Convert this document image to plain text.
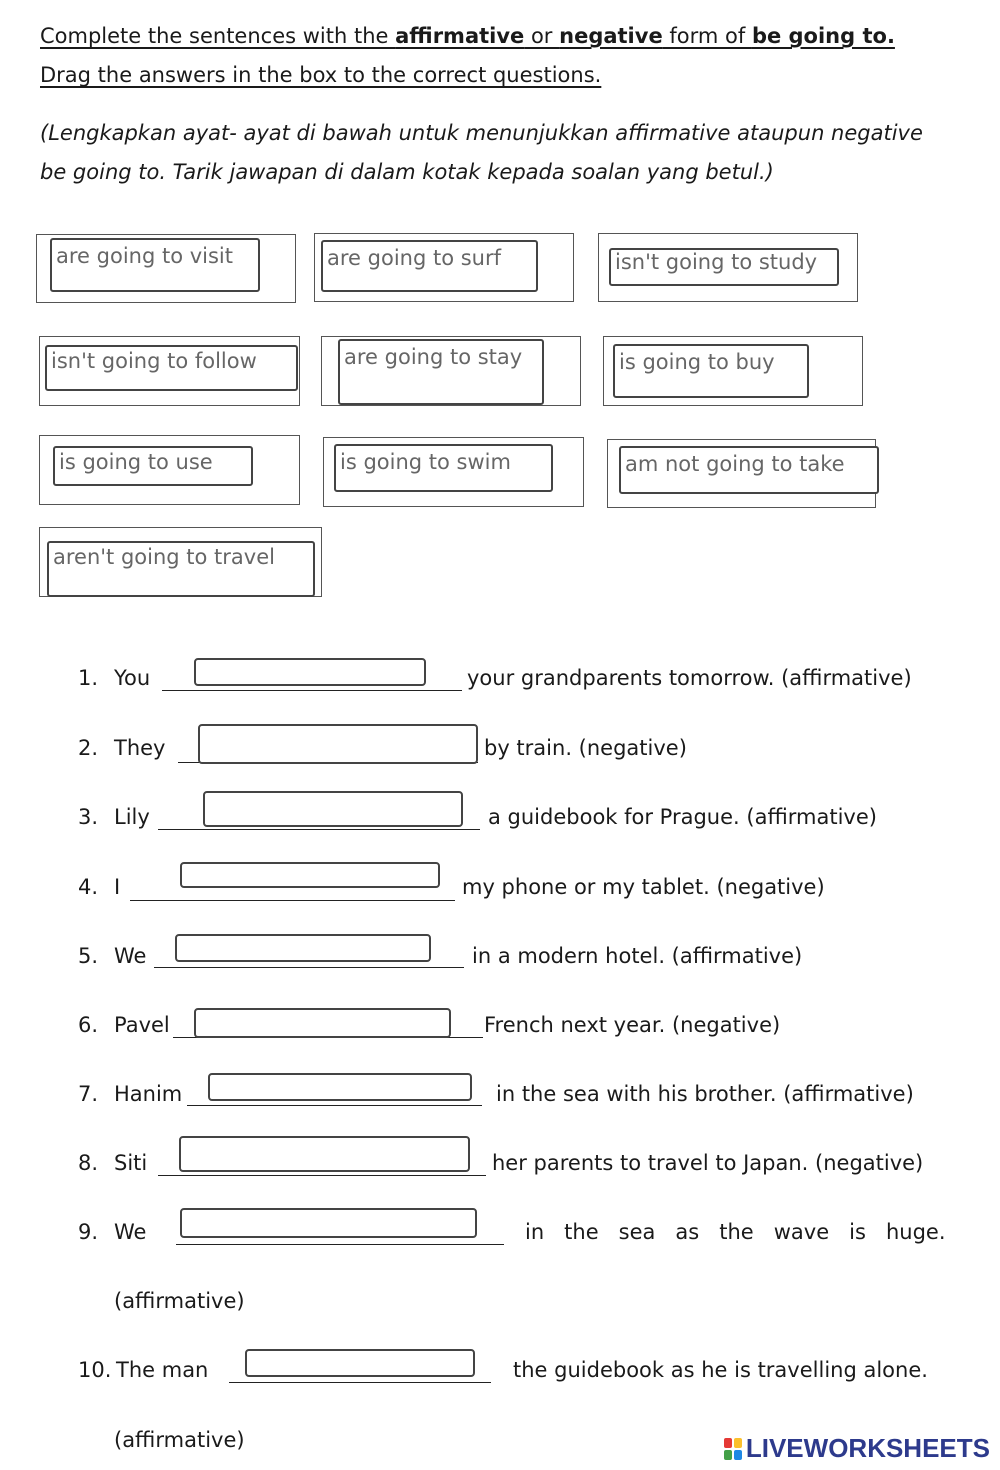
Complete the sentences with the affirmative or negative form of be going to.
Drag the answers in the box to the correct questions.
(Lengkapkan ayat- ayat di bawah untuk menunjukkan affirmative ataupun negative
be going to. Tarik jawapan di dalam kotak kepada soalan yang betul.)
are going to visit	are going to surf	isn't going to study
isn't going to follow	are going to stay	is going to buy
is going to use	is going to swim	am not going to take
aren't going to travel
1. You	your grandparents tomorrow. (affirmative)
2. They	by train. (negative)
3. Lily	a guidebook for Prague. (affirmative)
4. I	my phone or my tablet. (negative)
5. We	in a modern hotel. (affirmative)
6. Pavel	French next year. (negative)
7. Hanim	in the sea with his brother. (affirmative)
8. Siti	her parents to travel to Japan. (negative)
9. We	in   the   sea   as   the   wave   is   huge.
(affirmative)
10. The man	the guidebook as he is travelling alone.
(affirmative)	LIVEWORKSHEETS
